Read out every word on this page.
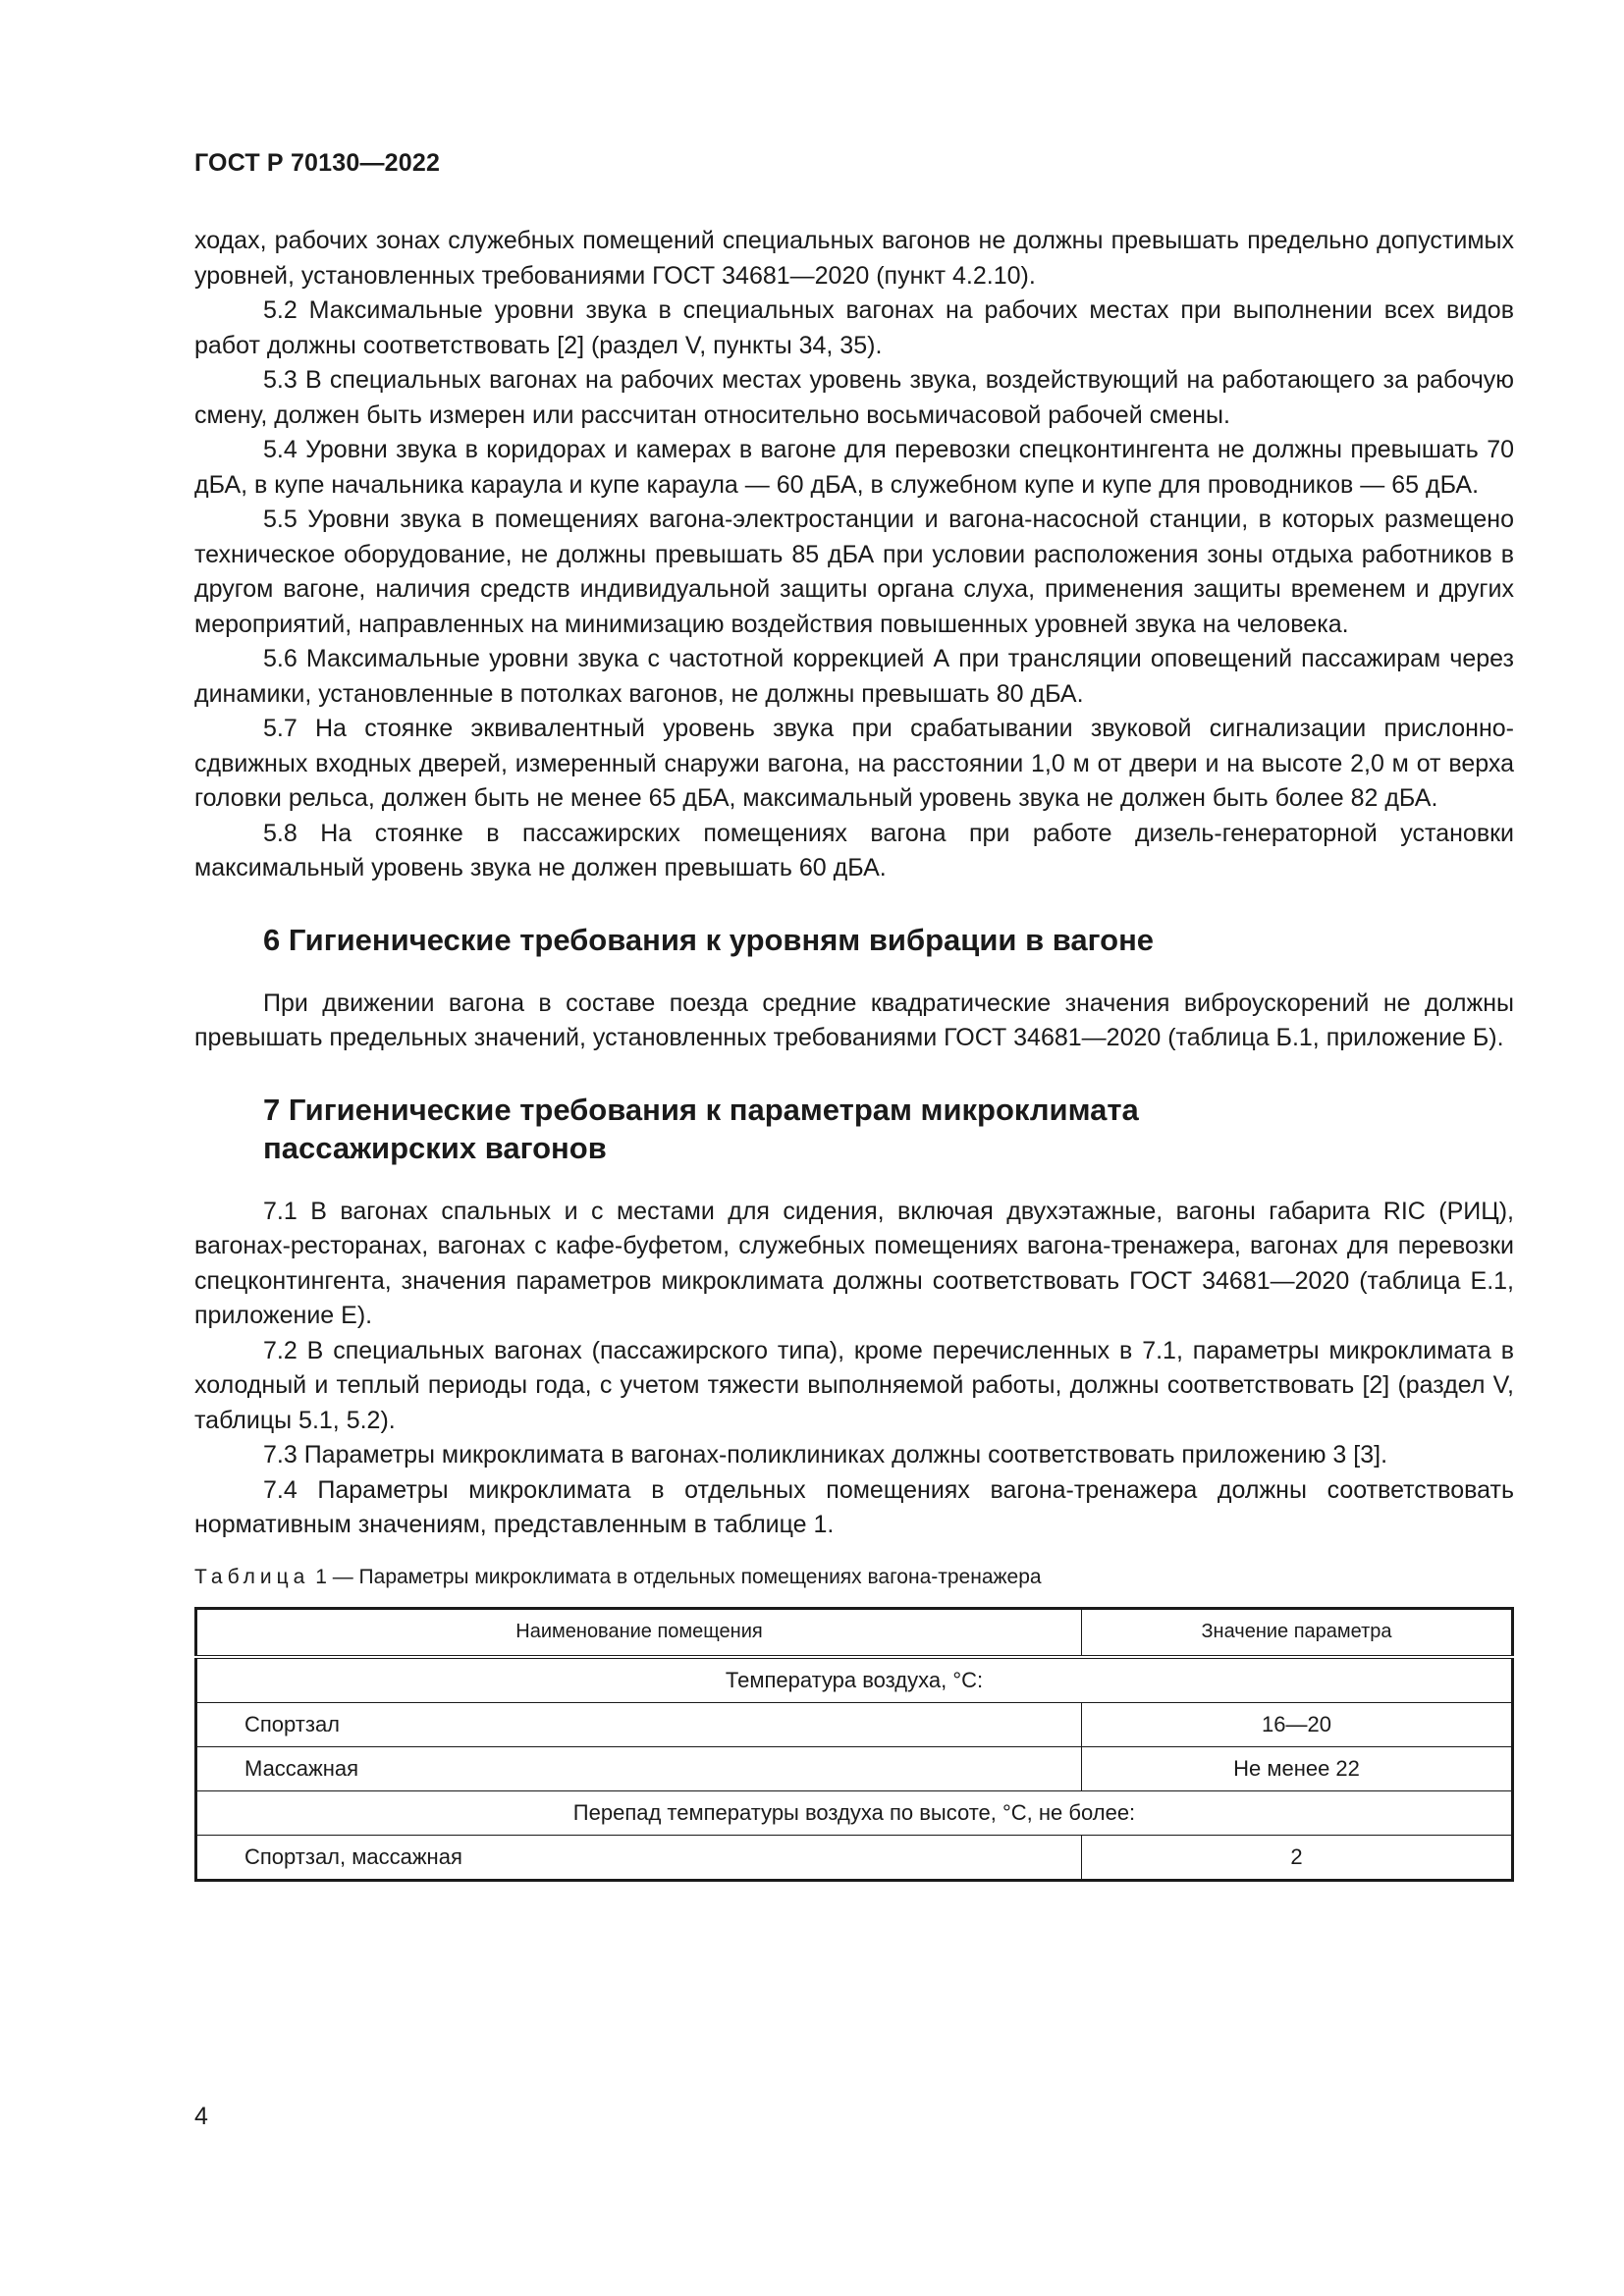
ГОСТ Р 70130—2022

ходах, рабочих зонах служебных помещений специальных вагонов не должны превышать предельно допустимых уровней, установленных требованиями ГОСТ 34681—2020 (пункт 4.2.10).

5.2 Максимальные уровни звука в специальных вагонах на рабочих местах при выполнении всех видов работ должны соответствовать [2] (раздел V, пункты 34, 35).

5.3 В специальных вагонах на рабочих местах уровень звука, воздействующий на работающего за рабочую смену, должен быть измерен или рассчитан относительно восьмичасовой рабочей смены.

5.4 Уровни звука в коридорах и камерах в вагоне для перевозки спецконтингента не должны превышать 70 дБА, в купе начальника караула и купе караула — 60 дБА, в служебном купе и купе для проводников — 65 дБА.

5.5 Уровни звука в помещениях вагона-электростанции и вагона-насосной станции, в которых размещено техническое оборудование, не должны превышать 85 дБА при условии расположения зоны отдыха работников в другом вагоне, наличия средств индивидуальной защиты органа слуха, применения защиты временем и других мероприятий, направленных на минимизацию воздействия повышенных уровней звука на человека.

5.6 Максимальные уровни звука с частотной коррекцией А при трансляции оповещений пассажирам через динамики, установленные в потолках вагонов, не должны превышать 80 дБА.

5.7 На стоянке эквивалентный уровень звука при срабатывании звуковой сигнализации прислонно-сдвижных входных дверей, измеренный снаружи вагона, на расстоянии 1,0 м от двери и на высоте 2,0 м от верха головки рельса, должен быть не менее 65 дБА, максимальный уровень звука не должен быть более 82 дБА.

5.8 На стоянке в пассажирских помещениях вагона при работе дизель-генераторной установки максимальный уровень звука не должен превышать 60 дБА.

6 Гигиенические требования к уровням вибрации в вагоне

При движении вагона в составе поезда средние квадратические значения виброускорений не должны превышать предельных значений, установленных требованиями ГОСТ 34681—2020 (таблица Б.1, приложение Б).

7 Гигиенические требования к параметрам микроклимата
пассажирских вагонов

7.1 В вагонах спальных и с местами для сидения, включая двухэтажные, вагоны габарита RIC (РИЦ), вагонах-ресторанах, вагонах с кафе-буфетом, служебных помещениях вагона-тренажера, вагонах для перевозки спецконтингента, значения параметров микроклимата должны соответствовать ГОСТ 34681—2020 (таблица Е.1, приложение Е).

7.2 В специальных вагонах (пассажирского типа), кроме перечисленных в 7.1, параметры микроклимата в холодный и теплый периоды года, с учетом тяжести выполняемой работы, должны соответствовать [2] (раздел V, таблицы 5.1, 5.2).

7.3 Параметры микроклимата в вагонах-поликлиниках должны соответствовать приложению 3 [3].

7.4 Параметры микроклимата в отдельных помещениях вагона-тренажера должны соответствовать нормативным значениям, представленным в таблице 1.

Таблица 1 — Параметры микроклимата в отдельных помещениях вагона-тренажера
Наименование помещения	Значение параметра
Температура воздуха, °С:	
Спортзал	16—20
Массажная	Не менее 22
Перепад температуры воздуха по высоте, °С, не более:	
Спортзал, массажная	2
4
